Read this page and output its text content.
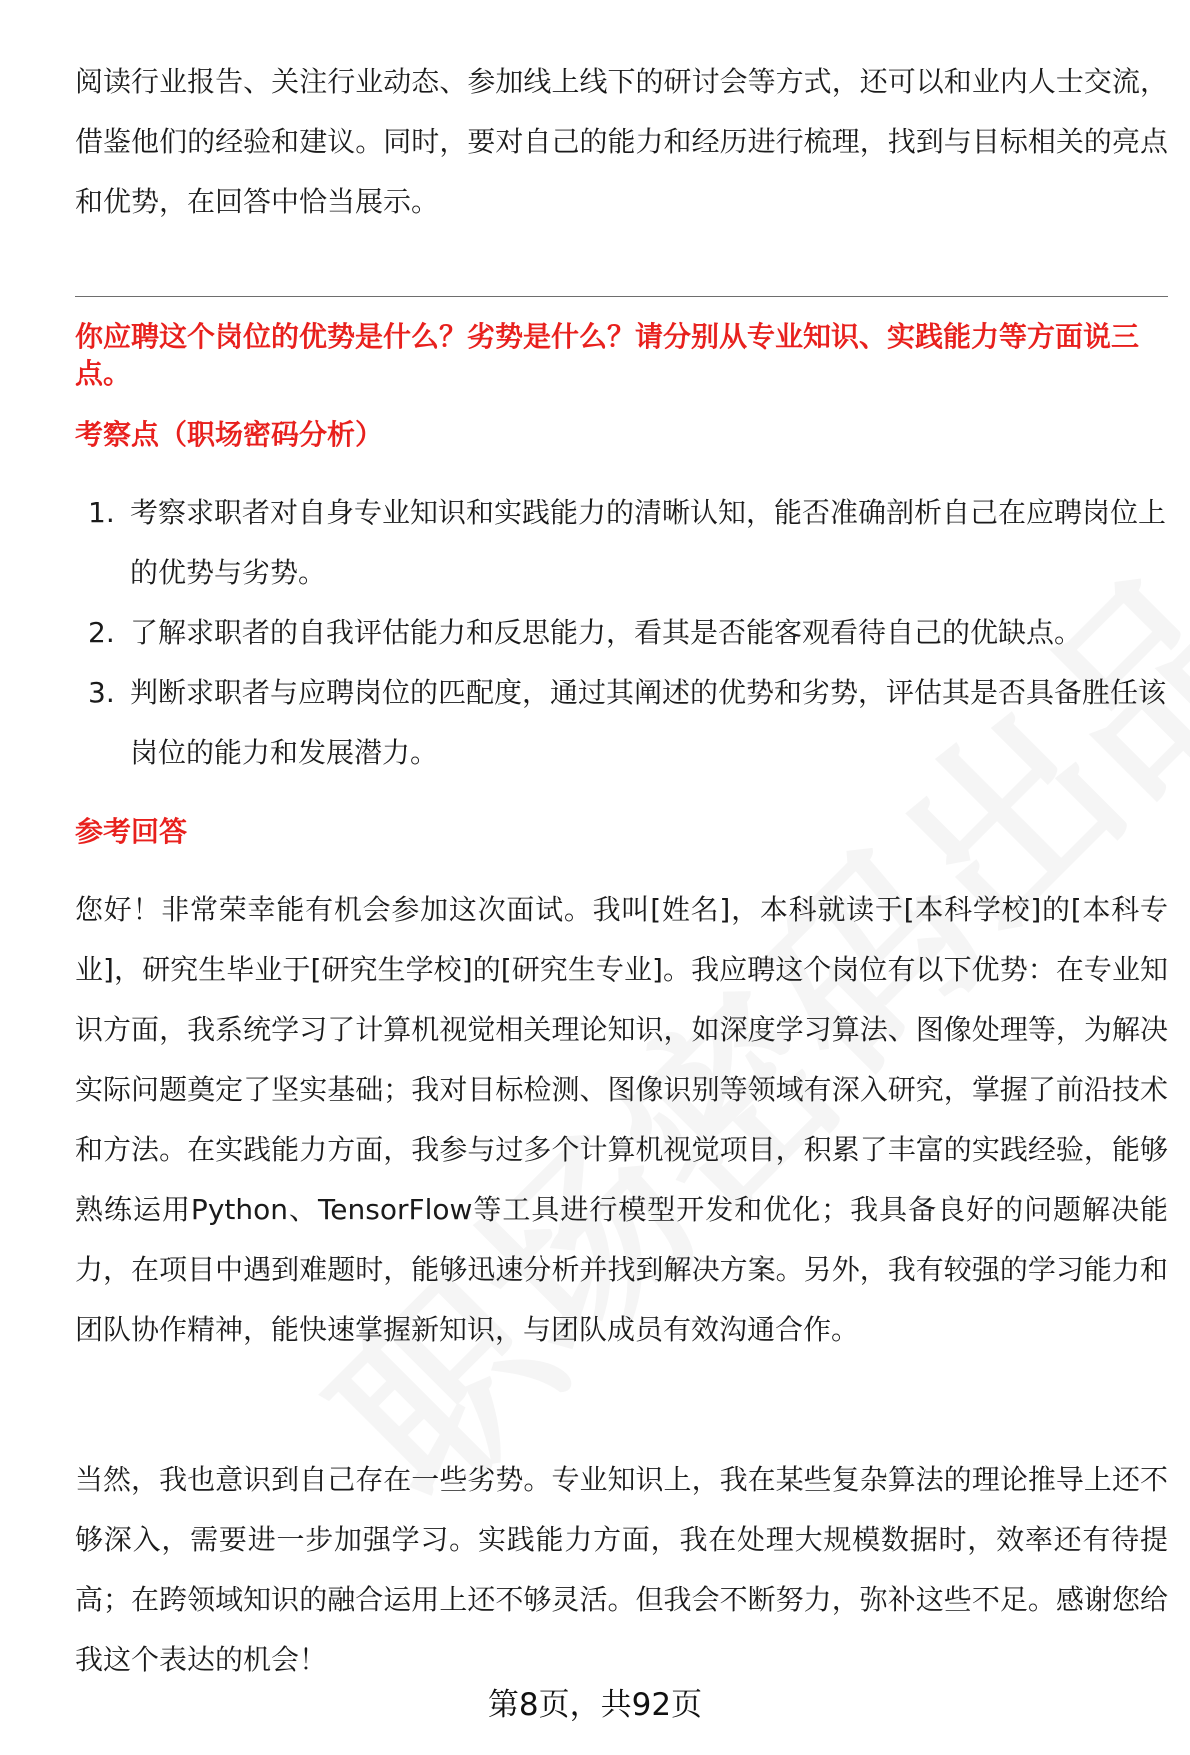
阅读行业报告、关注行业动态、参加线上线下的研讨会等方式，还可以和业内人士交流，借鉴他们的经验和建议。同时，要对自己的能力和经历进行梳理，找到与目标相关的亮点和优势，在回答中恰当展示。

你应聘这个岗位的优势是什么？劣势是什么？请分别从专业知识、实践能力等方面说三点。

考察点（职场密码分析）

1. 考察求职者对自身专业知识和实践能力的清晰认知，能否准确剖析自己在应聘岗位上的优势与劣势。
2. 了解求职者的自我评估能力和反思能力，看其是否能客观看待自己的优缺点。
3. 判断求职者与应聘岗位的匹配度，通过其阐述的优势和劣势，评估其是否具备胜任该岗位的能力和发展潜力。

参考回答

您好！非常荣幸能有机会参加这次面试。我叫[姓名]，本科就读于[本科学校]的[本科专业]，研究生毕业于[研究生学校]的[研究生专业]。我应聘这个岗位有以下优势：在专业知识方面，我系统学习了计算机视觉相关理论知识，如深度学习算法、图像处理等，为解决实际问题奠定了坚实基础；我对目标检测、图像识别等领域有深入研究，掌握了前沿技术和方法。在实践能力方面，我参与过多个计算机视觉项目，积累了丰富的实践经验，能够熟练运用Python、TensorFlow等工具进行模型开发和优化；我具备良好的问题解决能力，在项目中遇到难题时，能够迅速分析并找到解决方案。另外，我有较强的学习能力和团队协作精神，能快速掌握新知识，与团队成员有效沟通合作。

当然，我也意识到自己存在一些劣势。专业知识上，我在某些复杂算法的理论推导上还不够深入，需要进一步加强学习。实践能力方面，我在处理大规模数据时，效率还有待提高；在跨领域知识的融合运用上还不够灵活。但我会不断努力，弥补这些不足。感谢您给我这个表达的机会！

第8页，共92页
